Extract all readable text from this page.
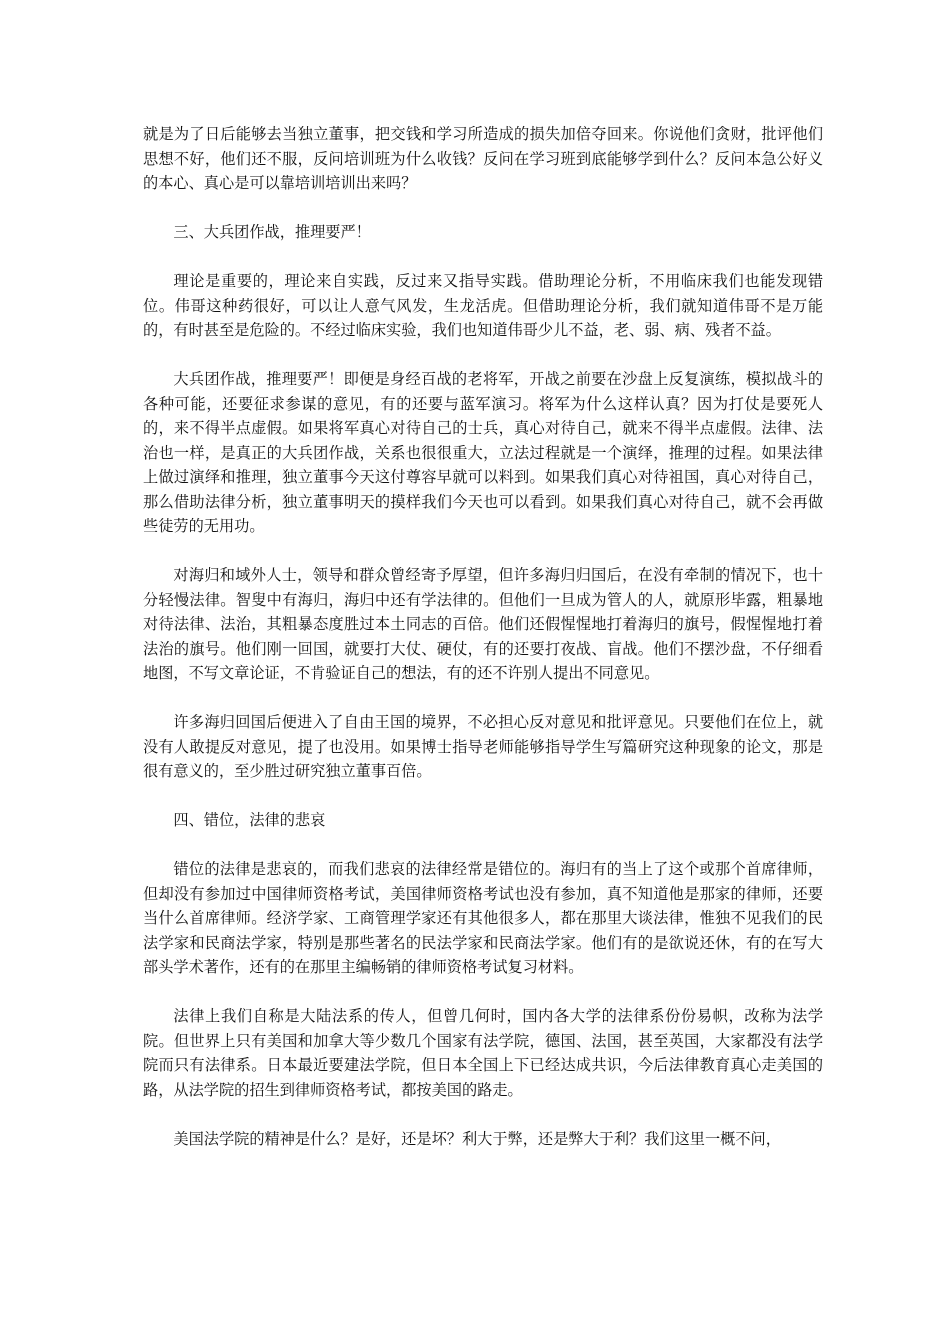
就是为了日后能够去当独立董事，把交钱和学习所造成的损失加倍夺回来。你说他们贪财，批评他们思想不好，他们还不服，反问培训班为什么收钱？反问在学习班到底能够学到什么？反问本急公好义的本心、真心是可以靠培训培训出来吗？

三、大兵团作战，推理要严！

理论是重要的，理论来自实践，反过来又指导实践。借助理论分析，不用临床我们也能发现错位。伟哥这种药很好，可以让人意气风发，生龙活虎。但借助理论分析，我们就知道伟哥不是万能的，有时甚至是危险的。不经过临床实验，我们也知道伟哥少儿不益，老、弱、病、残者不益。

大兵团作战，推理要严！即便是身经百战的老将军，开战之前要在沙盘上反复演练，模拟战斗的各种可能，还要征求参谋的意见，有的还要与蓝军演习。将军为什么这样认真？因为打仗是要死人的，来不得半点虚假。如果将军真心对待自己的士兵，真心对待自己，就来不得半点虚假。法律、法治也一样，是真正的大兵团作战，关系也很很重大，立法过程就是一个演绎，推理的过程。如果法律上做过演绎和推理，独立董事今天这付尊容早就可以料到。如果我们真心对待祖国，真心对待自己，那么借助法律分析，独立董事明天的摸样我们今天也可以看到。如果我们真心对待自己，就不会再做些徒劳的无用功。

对海归和域外人士，领导和群众曾经寄予厚望，但许多海归归国后，在没有牵制的情况下，也十分轻慢法律。智叟中有海归，海归中还有学法律的。但他们一旦成为管人的人，就原形毕露，粗暴地对待法律、法治，其粗暴态度胜过本土同志的百倍。他们还假惺惺地打着海归的旗号，假惺惺地打着法治的旗号。他们刚一回国，就要打大仗、硬仗，有的还要打夜战、盲战。他们不摆沙盘，不仔细看地图，不写文章论证，不肯验证自己的想法，有的还不许别人提出不同意见。

许多海归回国后便进入了自由王国的境界，不必担心反对意见和批评意见。只要他们在位上，就没有人敢提反对意见，提了也没用。如果博士指导老师能够指导学生写篇研究这种现象的论文，那是很有意义的，至少胜过研究独立董事百倍。

四、错位，法律的悲哀

错位的法律是悲哀的，而我们悲哀的法律经常是错位的。海归有的当上了这个或那个首席律师，但却没有参加过中国律师资格考试，美国律师资格考试也没有参加，真不知道他是那家的律师，还要当什么首席律师。经济学家、工商管理学家还有其他很多人，都在那里大谈法律，惟独不见我们的民法学家和民商法学家，特别是那些著名的民法学家和民商法学家。他们有的是欲说还休，有的在写大部头学术著作，还有的在那里主编畅销的律师资格考试复习材料。

法律上我们自称是大陆法系的传人，但曾几何时，国内各大学的法律系份份易帜，改称为法学院。但世界上只有美国和加拿大等少数几个国家有法学院，德国、法国，甚至英国，大家都没有法学院而只有法律系。日本最近要建法学院，但日本全国上下已经达成共识，今后法律教育真心走美国的路，从法学院的招生到律师资格考试，都按美国的路走。

美国法学院的精神是什么？是好，还是坏？利大于弊，还是弊大于利？我们这里一概不问，
